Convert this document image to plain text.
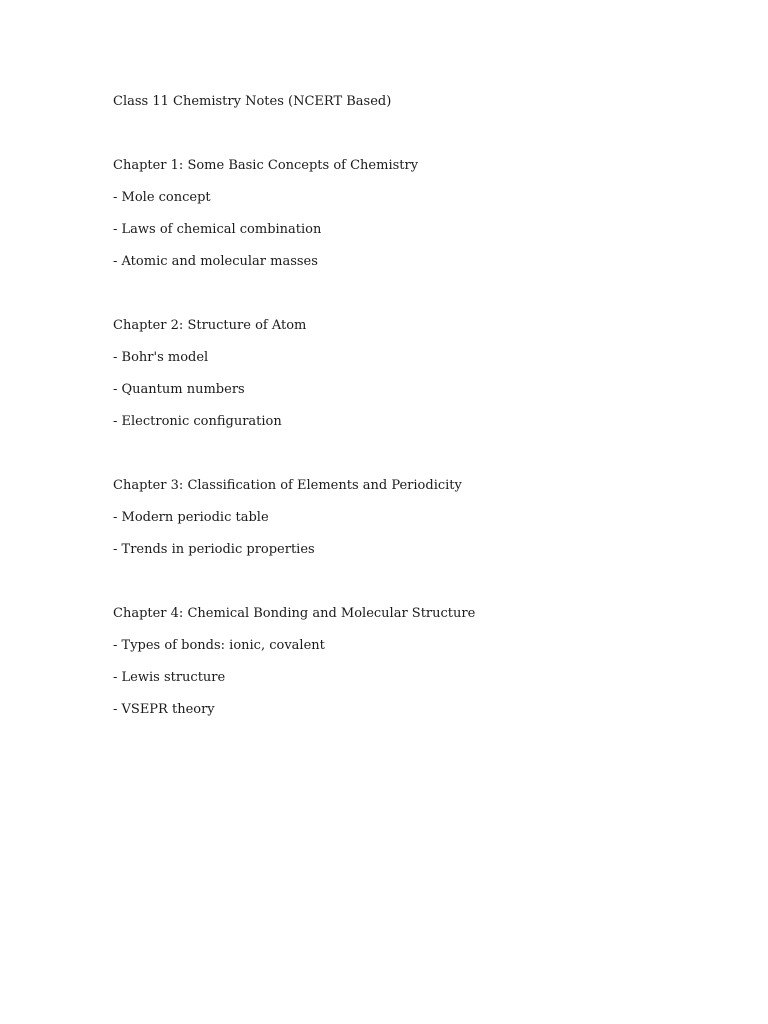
Class 11 Chemistry Notes (NCERT Based)

Chapter 1: Some Basic Concepts of Chemistry

- Mole concept

- Laws of chemical combination

- Atomic and molecular masses

Chapter 2: Structure of Atom

- Bohr's model

- Quantum numbers

- Electronic configuration

Chapter 3: Classification of Elements and Periodicity

- Modern periodic table

- Trends in periodic properties

Chapter 4: Chemical Bonding and Molecular Structure

- Types of bonds: ionic, covalent

- Lewis structure

- VSEPR theory
